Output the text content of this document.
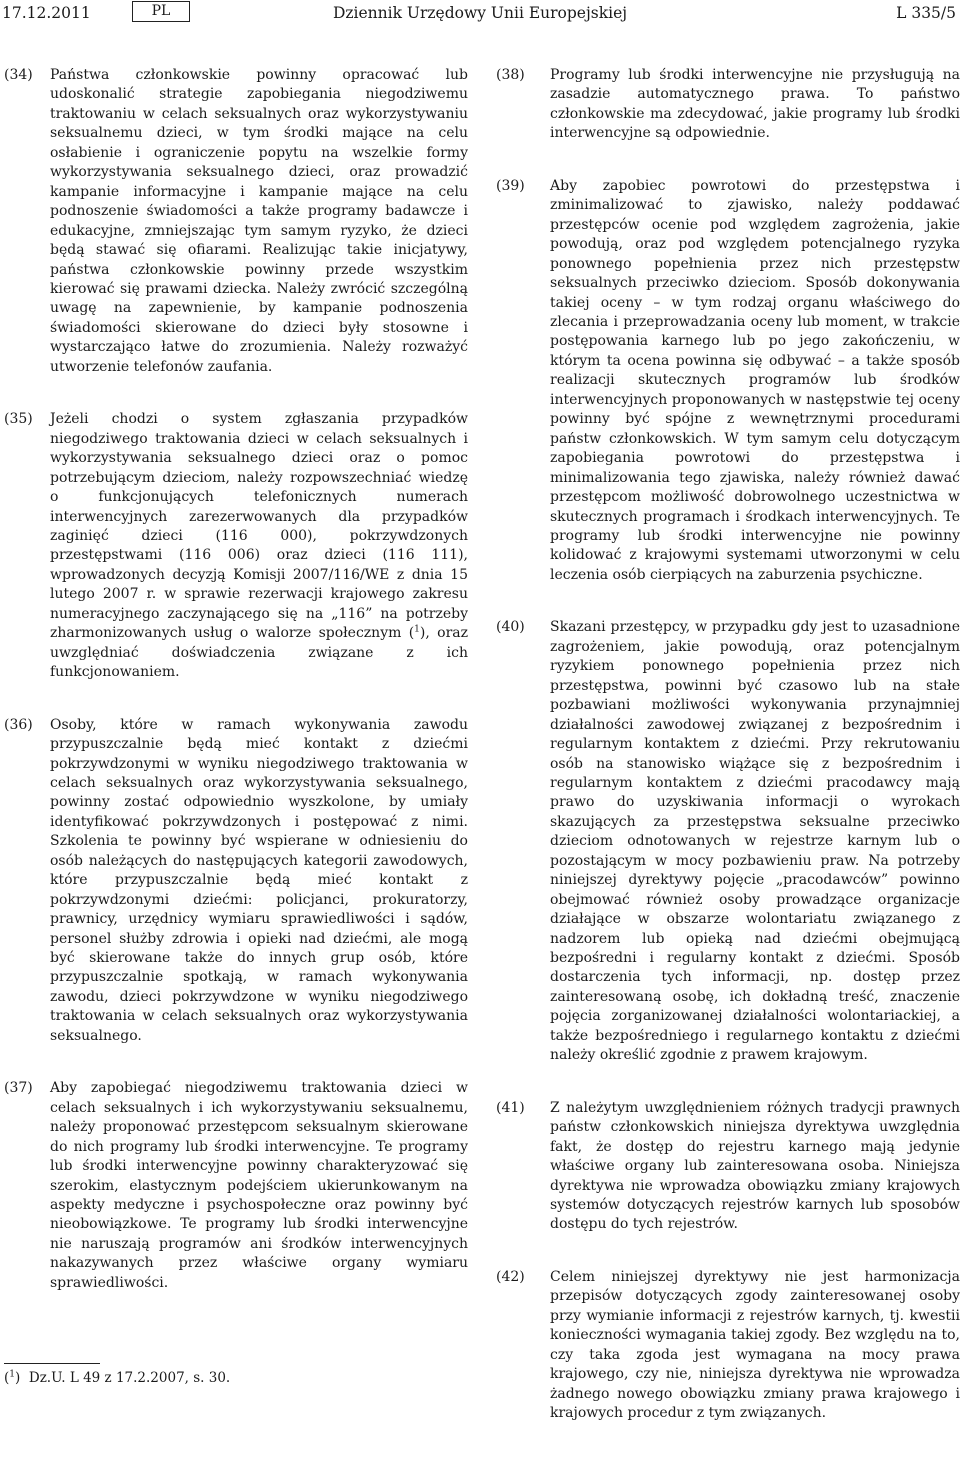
17.12.2011	PL	Dziennik Urzędowy Unii Europejskiej	L 335/5
(34)	Państwa członkowskie powinny opracować lub udoskonalić strategie zapobiegania niegodziwemu traktowaniu w celach seksualnych oraz wykorzystywaniu seksualnemu dzieci, w tym środki mające na celu osłabienie i ograniczenie popytu na wszelkie formy wykorzystywania seksualnego dzieci, oraz prowadzić kampanie informacyjne i kampanie mające na celu podnoszenie świadomości a także programy badawcze i edukacyjne, zmniejszając tym samym ryzyko, że dzieci będą stawać się ofiarami. Realizując takie inicjatywy, państwa członkowskie powinny przede wszystkim kierować się prawami dziecka. Należy zwrócić szczególną uwagę na zapewnienie, by kampanie podnoszenia świadomości skierowane do dzieci były stosowne i wystarczająco łatwe do zrozumienia. Należy rozważyć utworzenie telefonów zaufania.
(35)	Jeżeli chodzi o system zgłaszania przypadków niegodziwego traktowania dzieci w celach seksualnych i wykorzystywania seksualnego dzieci oraz o pomoc potrzebującym dzieciom, należy rozpowszechniać wiedzę o funkcjonujących telefonicznych numerach interwencyjnych zarezerwowanych dla przypadków zaginięć dzieci (116 000), pokrzywdzonych przestępstwami (116 006) oraz dzieci (116 111), wprowadzonych decyzją Komisji 2007/116/WE z dnia 15 lutego 2007 r. w sprawie rezerwacji krajowego zakresu numeracyjnego zaczynającego się na „116” na potrzeby zharmonizowanych usług o walorze społecznym ($^1$), oraz uwzględniać doświadczenia związane z ich funkcjonowaniem.
(36)	Osoby, które w ramach wykonywania zawodu przypuszczalnie będą mieć kontakt z dziećmi pokrzywdzonymi w wyniku niegodziwego traktowania w celach seksualnych oraz wykorzystywania seksualnego, powinny zostać odpowiednio wyszkolone, by umiały identyfikować pokrzywdzonych i postępować z nimi. Szkolenia te powinny być wspierane w odniesieniu do osób należących do następujących kategorii zawodowych, które przypuszczalnie będą mieć kontakt z pokrzywdzonymi dziećmi: policjanci, prokuratorzy, prawnicy, urzędnicy wymiaru sprawiedliwości i sądów, personel służby zdrowia i opieki nad dziećmi, ale mogą być skierowane także do innych grup osób, które przypuszczalnie spotkają, w ramach wykonywania zawodu, dzieci pokrzywdzone w wyniku niegodziwego traktowania w celach seksualnych oraz wykorzystywania seksualnego.
(37)	Aby zapobiegać niegodziwemu traktowania dzieci w celach seksualnych i ich wykorzystywaniu seksualnemu, należy proponować przestępcom seksualnym skierowane do nich programy lub środki interwencyjne. Te programy lub środki interwencyjne powinny charakteryzować się szerokim, elastycznym podejściem ukierunkowanym na aspekty medyczne i psychospołeczne oraz powinny być nieobowiązkowe. Te programy lub środki interwencyjne nie naruszają programów ani środków interwencyjnych nakazywanych przez właściwe organy wymiaru sprawiedliwości.
(38)	Programy lub środki interwencyjne nie przysługują na zasadzie automatycznego prawa. To państwo członkowskie ma zdecydować, jakie programy lub środki interwencyjne są odpowiednie.
(39)	Aby zapobiec powrotowi do przestępstwa i zminimalizować to zjawisko, należy poddawać przestępców ocenie pod względem zagrożenia, jakie powodują, oraz pod względem potencjalnego ryzyka ponownego popełnienia przez nich przestępstw seksualnych przeciwko dzieciom. Sposób dokonywania takiej oceny – w tym rodzaj organu właściwego do zlecania i przeprowadzania oceny lub moment, w trakcie postępowania karnego lub po jego zakończeniu, w którym ta ocena powinna się odbywać – a także sposób realizacji skutecznych programów lub środków interwencyjnych proponowanych w następstwie tej oceny powinny być spójne z wewnętrznymi procedurami państw członkowskich. W tym samym celu dotyczącym zapobiegania powrotowi do przestępstwa i minimalizowania tego zjawiska, należy również dawać przestępcom możliwość dobrowolnego uczestnictwa w skutecznych programach i środkach interwencyjnych. Te programy lub środki interwencyjne nie powinny kolidować z krajowymi systemami utworzonymi w celu leczenia osób cierpiących na zaburzenia psychiczne.
(40)	Skazani przestępcy, w przypadku gdy jest to uzasadnione zagrożeniem, jakie powodują, oraz potencjalnym ryzykiem ponownego popełnienia przez nich przestępstwa, powinni być czasowo lub na stałe pozbawiani możliwości wykonywania przynajmniej działalności zawodowej związanej z bezpośrednim i regularnym kontaktem z dziećmi. Przy rekrutowaniu osób na stanowisko wiążące się z bezpośrednim i regularnym kontaktem z dziećmi pracodawcy mają prawo do uzyskiwania informacji o wyrokach skazujących za przestępstwa seksualne przeciwko dzieciom odnotowanych w rejestrze karnym lub o pozostającym w mocy pozbawieniu praw. Na potrzeby niniejszej dyrektywy pojęcie „pracodawców” powinno obejmować również osoby prowadzące organizacje działające w obszarze wolontariatu związanego z nadzorem lub opieką nad dziećmi obejmującą bezpośredni i regularny kontakt z dziećmi. Sposób dostarczenia tych informacji, np. dostęp przez zainteresowaną osobę, ich dokładną treść, znaczenie pojęcia zorganizowanej działalności wolontariackiej, a także bezpośredniego i regularnego kontaktu z dziećmi należy określić zgodnie z prawem krajowym.
(41)	Z należytym uwzględnieniem różnych tradycji prawnych państw członkowskich niniejsza dyrektywa uwzględnia fakt, że dostęp do rejestru karnego mają jedynie właściwe organy lub zainteresowana osoba. Niniejsza dyrektywa nie wprowadza obowiązku zmiany krajowych systemów dotyczących rejestrów karnych lub sposobów dostępu do tych rejestrów.
(42)	Celem niniejszej dyrektywy nie jest harmonizacja przepisów dotyczących zgody zainteresowanej osoby przy wymianie informacji z rejestrów karnych, tj. kwestii konieczności wymagania takiej zgody. Bez względu na to, czy taka zgoda jest wymagana na mocy prawa krajowego, czy nie, niniejsza dyrektywa nie wprowadza żadnego nowego obowiązku zmiany prawa krajowego i krajowych procedur z tym związanych.
($^1$)  Dz.U. L 49 z 17.2.2007, s. 30.
